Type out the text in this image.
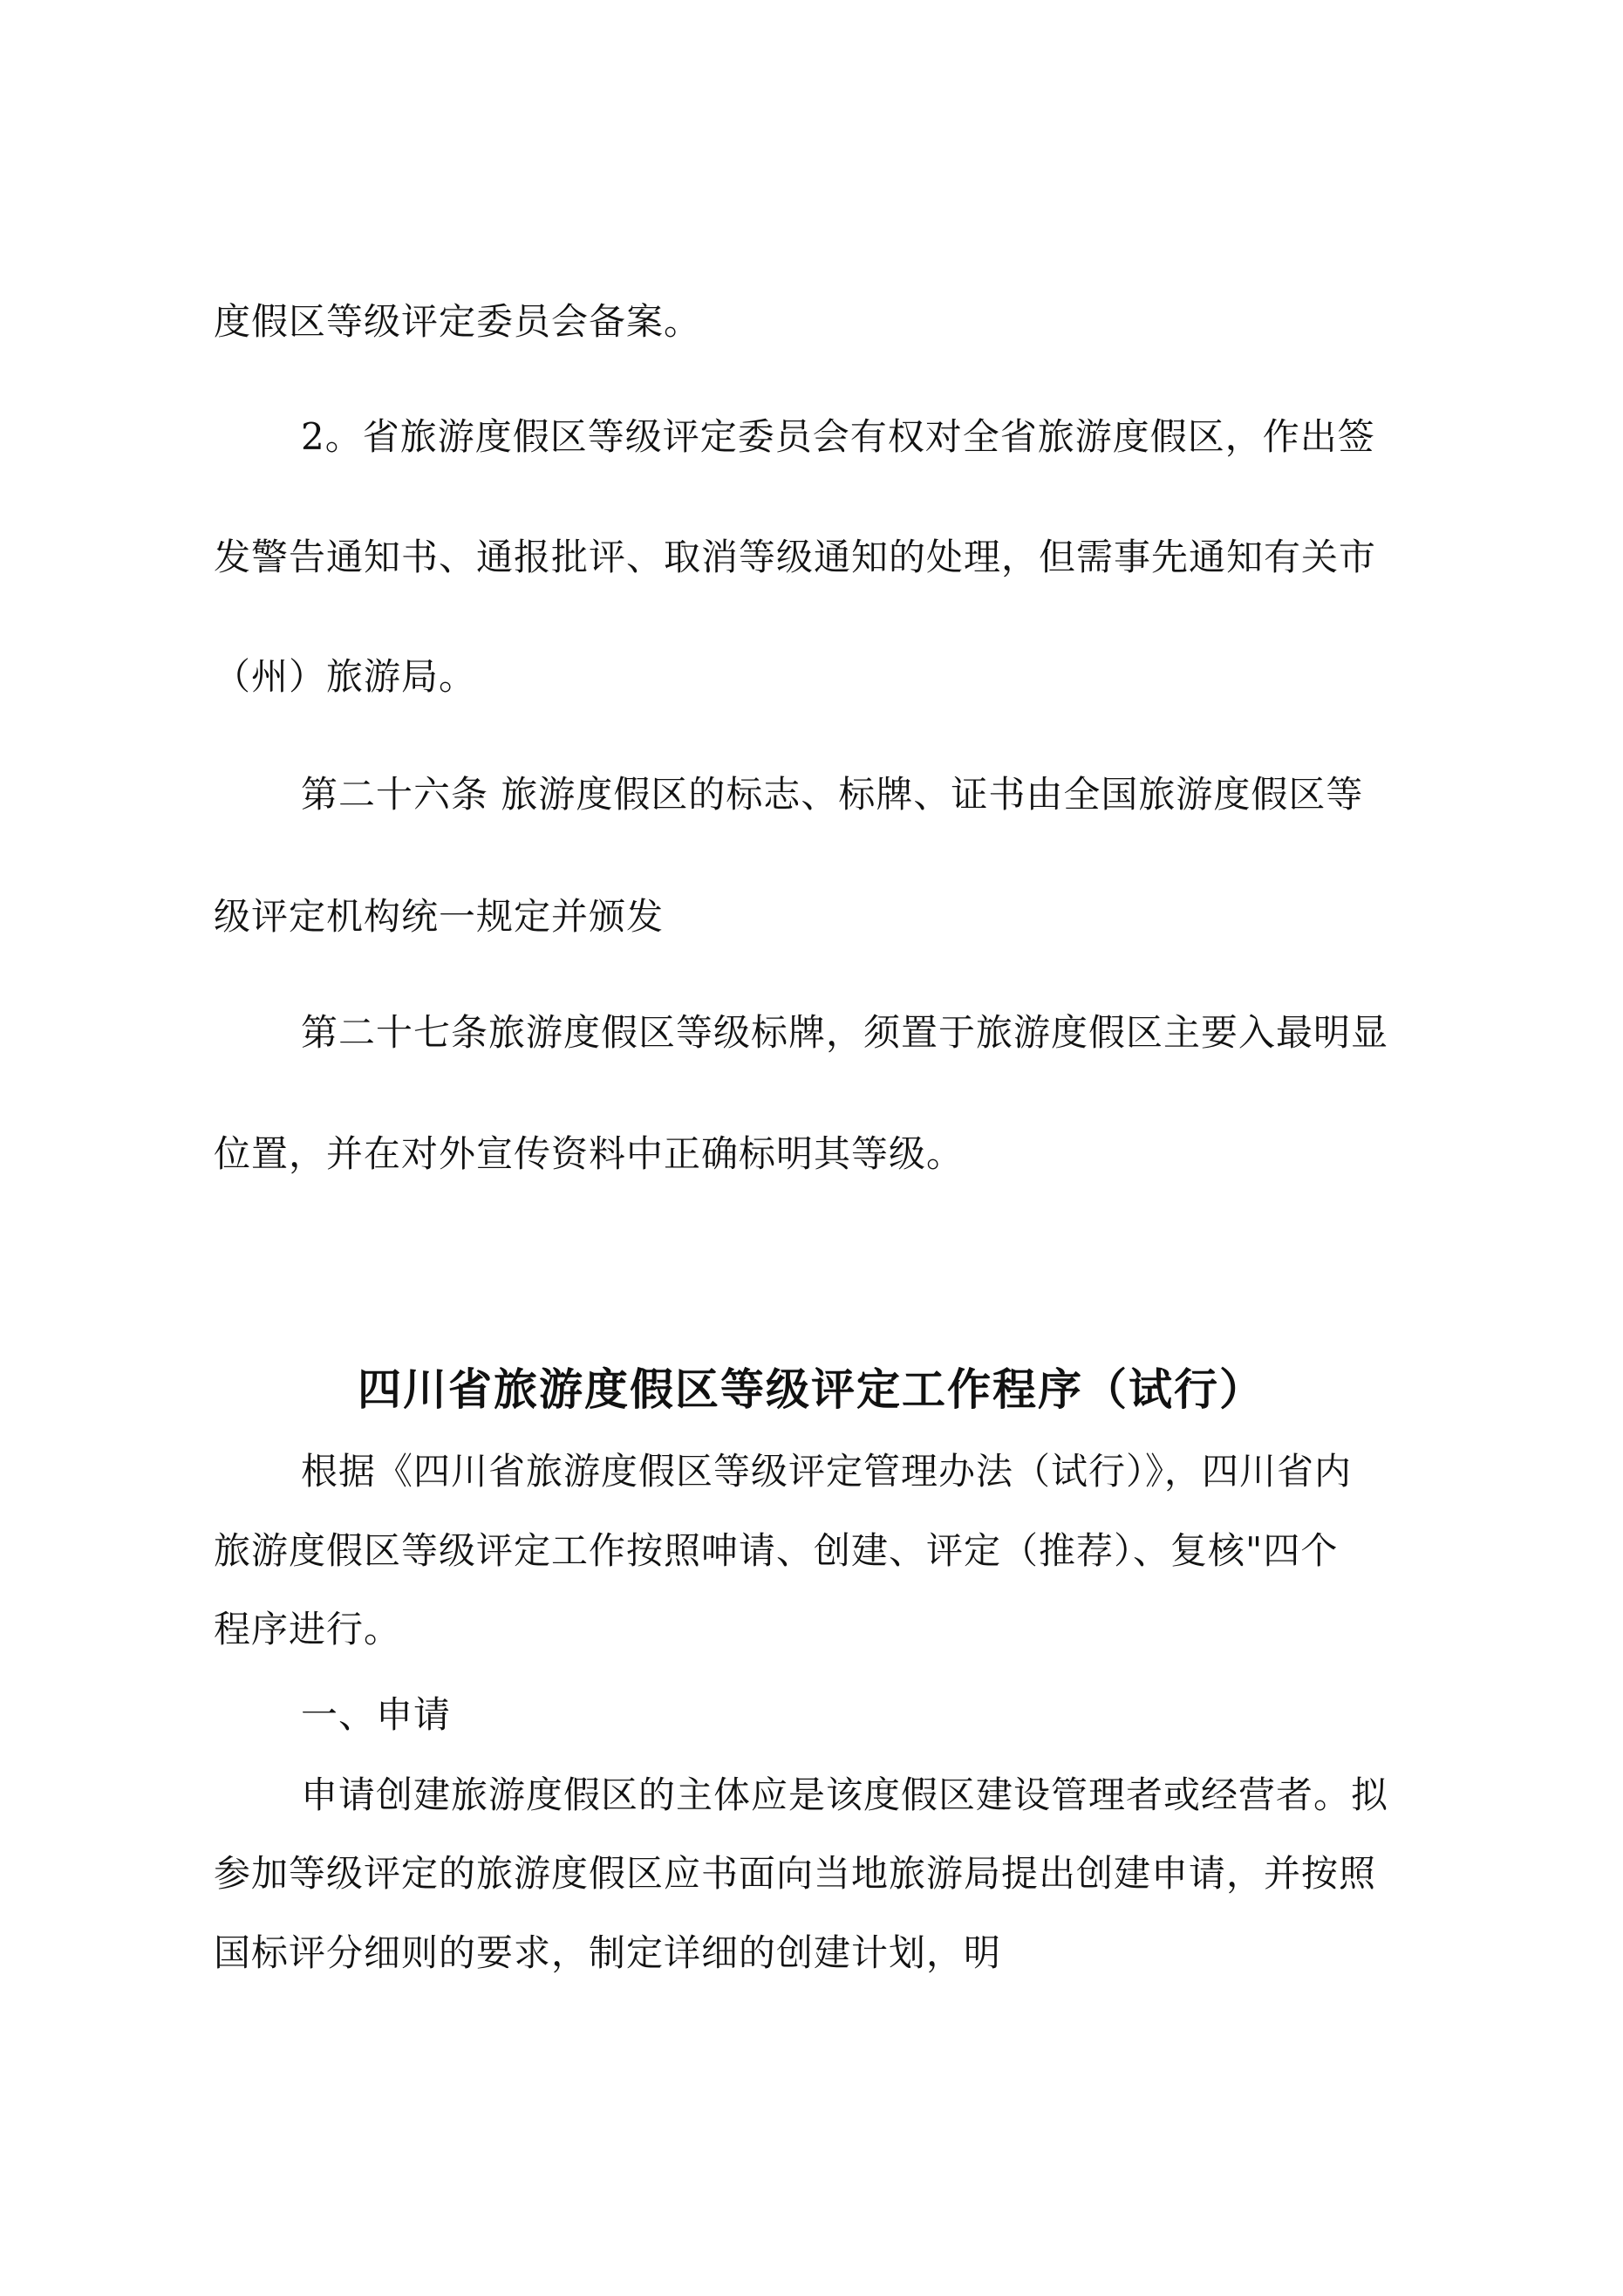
度假区等级评定委员会备案。

2。省旅游度假区等级评定委员会有权对全省旅游度假区，作出签

发警告通知书、通报批评、取消等级通知的处理，但需事先通知有关市

（州）旅游局。

第二十六条 旅游度假区的标志、标牌、证书由全国旅游度假区等

级评定机构统一规定并颁发

第二十七条旅游度假区等级标牌，须置于旅游度假区主要入最明显

位置，并在对外宣传资料中正确标明其等级。

四川省旅游度假区等级评定工作程序（试行）

根据《四川省旅游度假区等级评定管理办法（试行）》，四川省内

旅游度假区等级评定工作按照呻请、创建、评定（推荐）、复核"四个

程序进行。

一、申请

申请创建旅游度假区的主体应是该度假区建设管理者或经营者。拟

参加等级评定的旅游度假区应书面向当地旅游局提出创建申请，并按照

国标评分细则的要求，制定详细的创建计划，明
